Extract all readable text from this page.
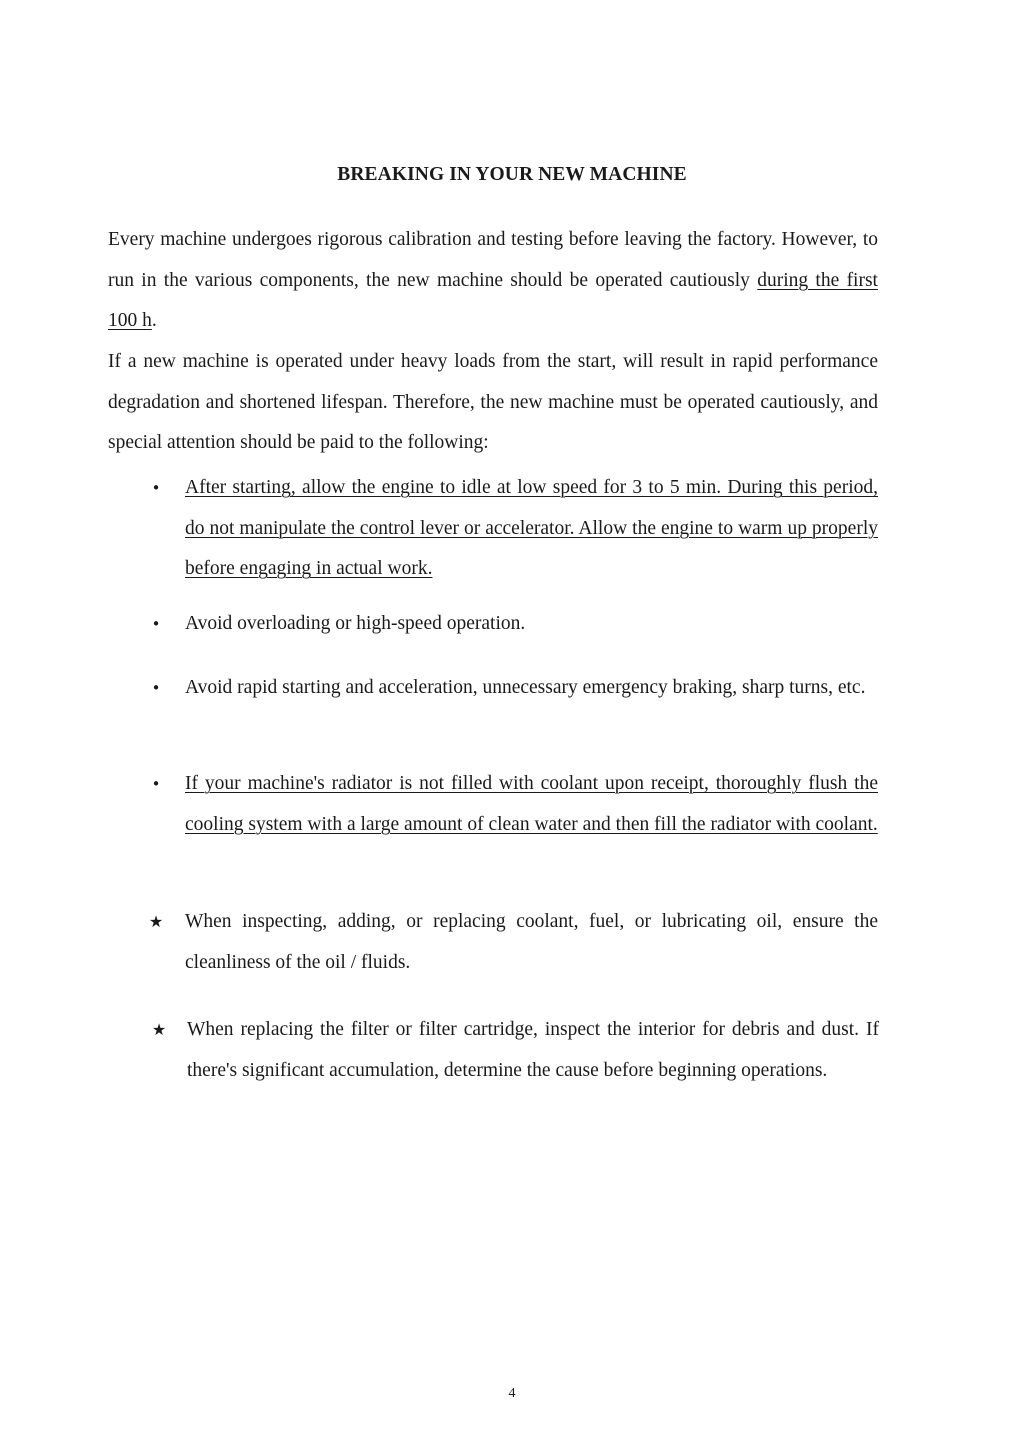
BREAKING IN YOUR NEW MACHINE
Every machine undergoes rigorous calibration and testing before leaving the factory. However, to run in the various components, the new machine should be operated cautiously during the first 100 h.
If a new machine is operated under heavy loads from the start, will result in rapid performance degradation and shortened lifespan. Therefore, the new machine must be operated cautiously, and special attention should be paid to the following:
•	After starting, allow the engine to idle at low speed for 3 to 5 min. During this period, do not manipulate the control lever or accelerator. Allow the engine to warm up properly before engaging in actual work.
•	Avoid overloading or high-speed operation.
•	Avoid rapid starting and acceleration, unnecessary emergency braking, sharp turns, etc.
•	If your machine's radiator is not filled with coolant upon receipt, thoroughly flush the cooling system with a large amount of clean water and then fill the radiator with coolant.
★ When inspecting, adding, or replacing coolant, fuel, or lubricating oil, ensure the cleanliness of the oil / fluids.
★ When replacing the filter or filter cartridge, inspect the interior for debris and dust. If there's significant accumulation, determine the cause before beginning operations.
4
